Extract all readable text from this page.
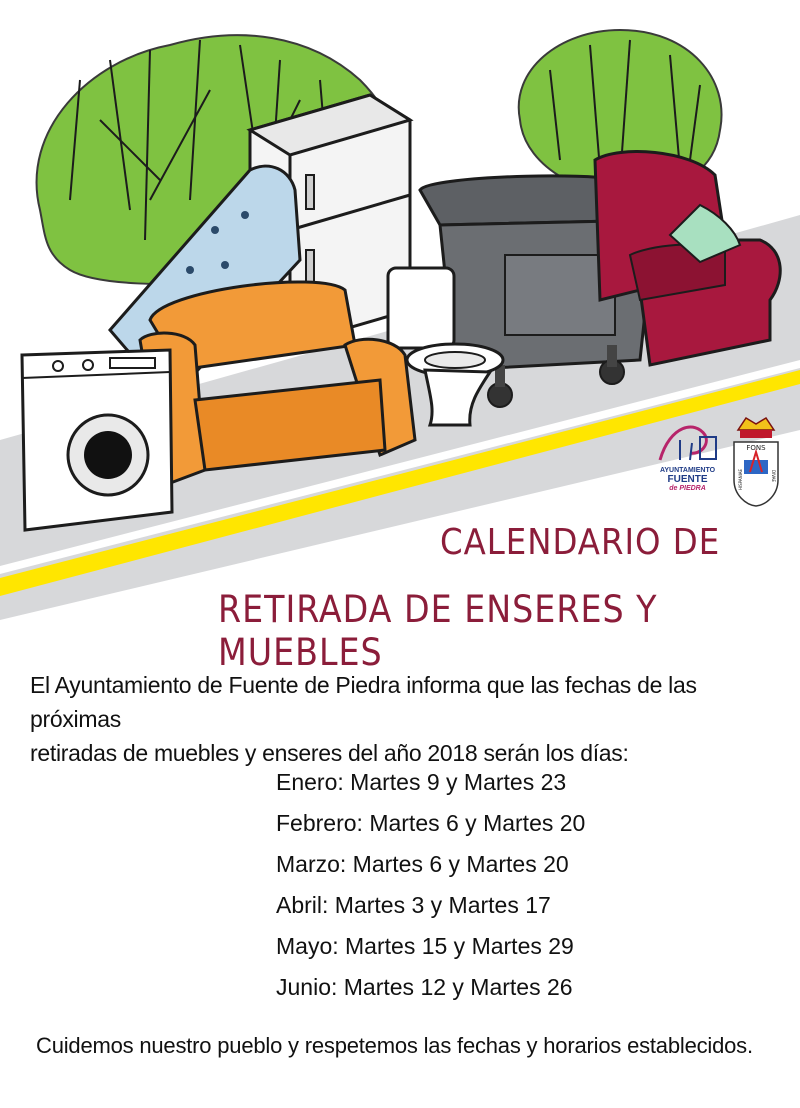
AYUNTAMIENTO
FUENTE
de PIEDRA
FONS
HISPANIAE	DIVAE
CALENDARIO DE
RETIRADA DE ENSERES Y MUEBLES
El Ayuntamiento de Fuente de Piedra informa que las fechas de las próximas
retiradas de muebles y enseres del año 2018 serán los días:
Enero: Martes 9 y Martes 23
Febrero: Martes 6 y Martes 20
Marzo: Martes 6 y Martes 20
Abril: Martes 3 y Martes 17
Mayo: Martes 15 y Martes 29
Junio: Martes 12 y Martes 26
Cuidemos nuestro pueblo y respetemos las fechas y horarios establecidos.
